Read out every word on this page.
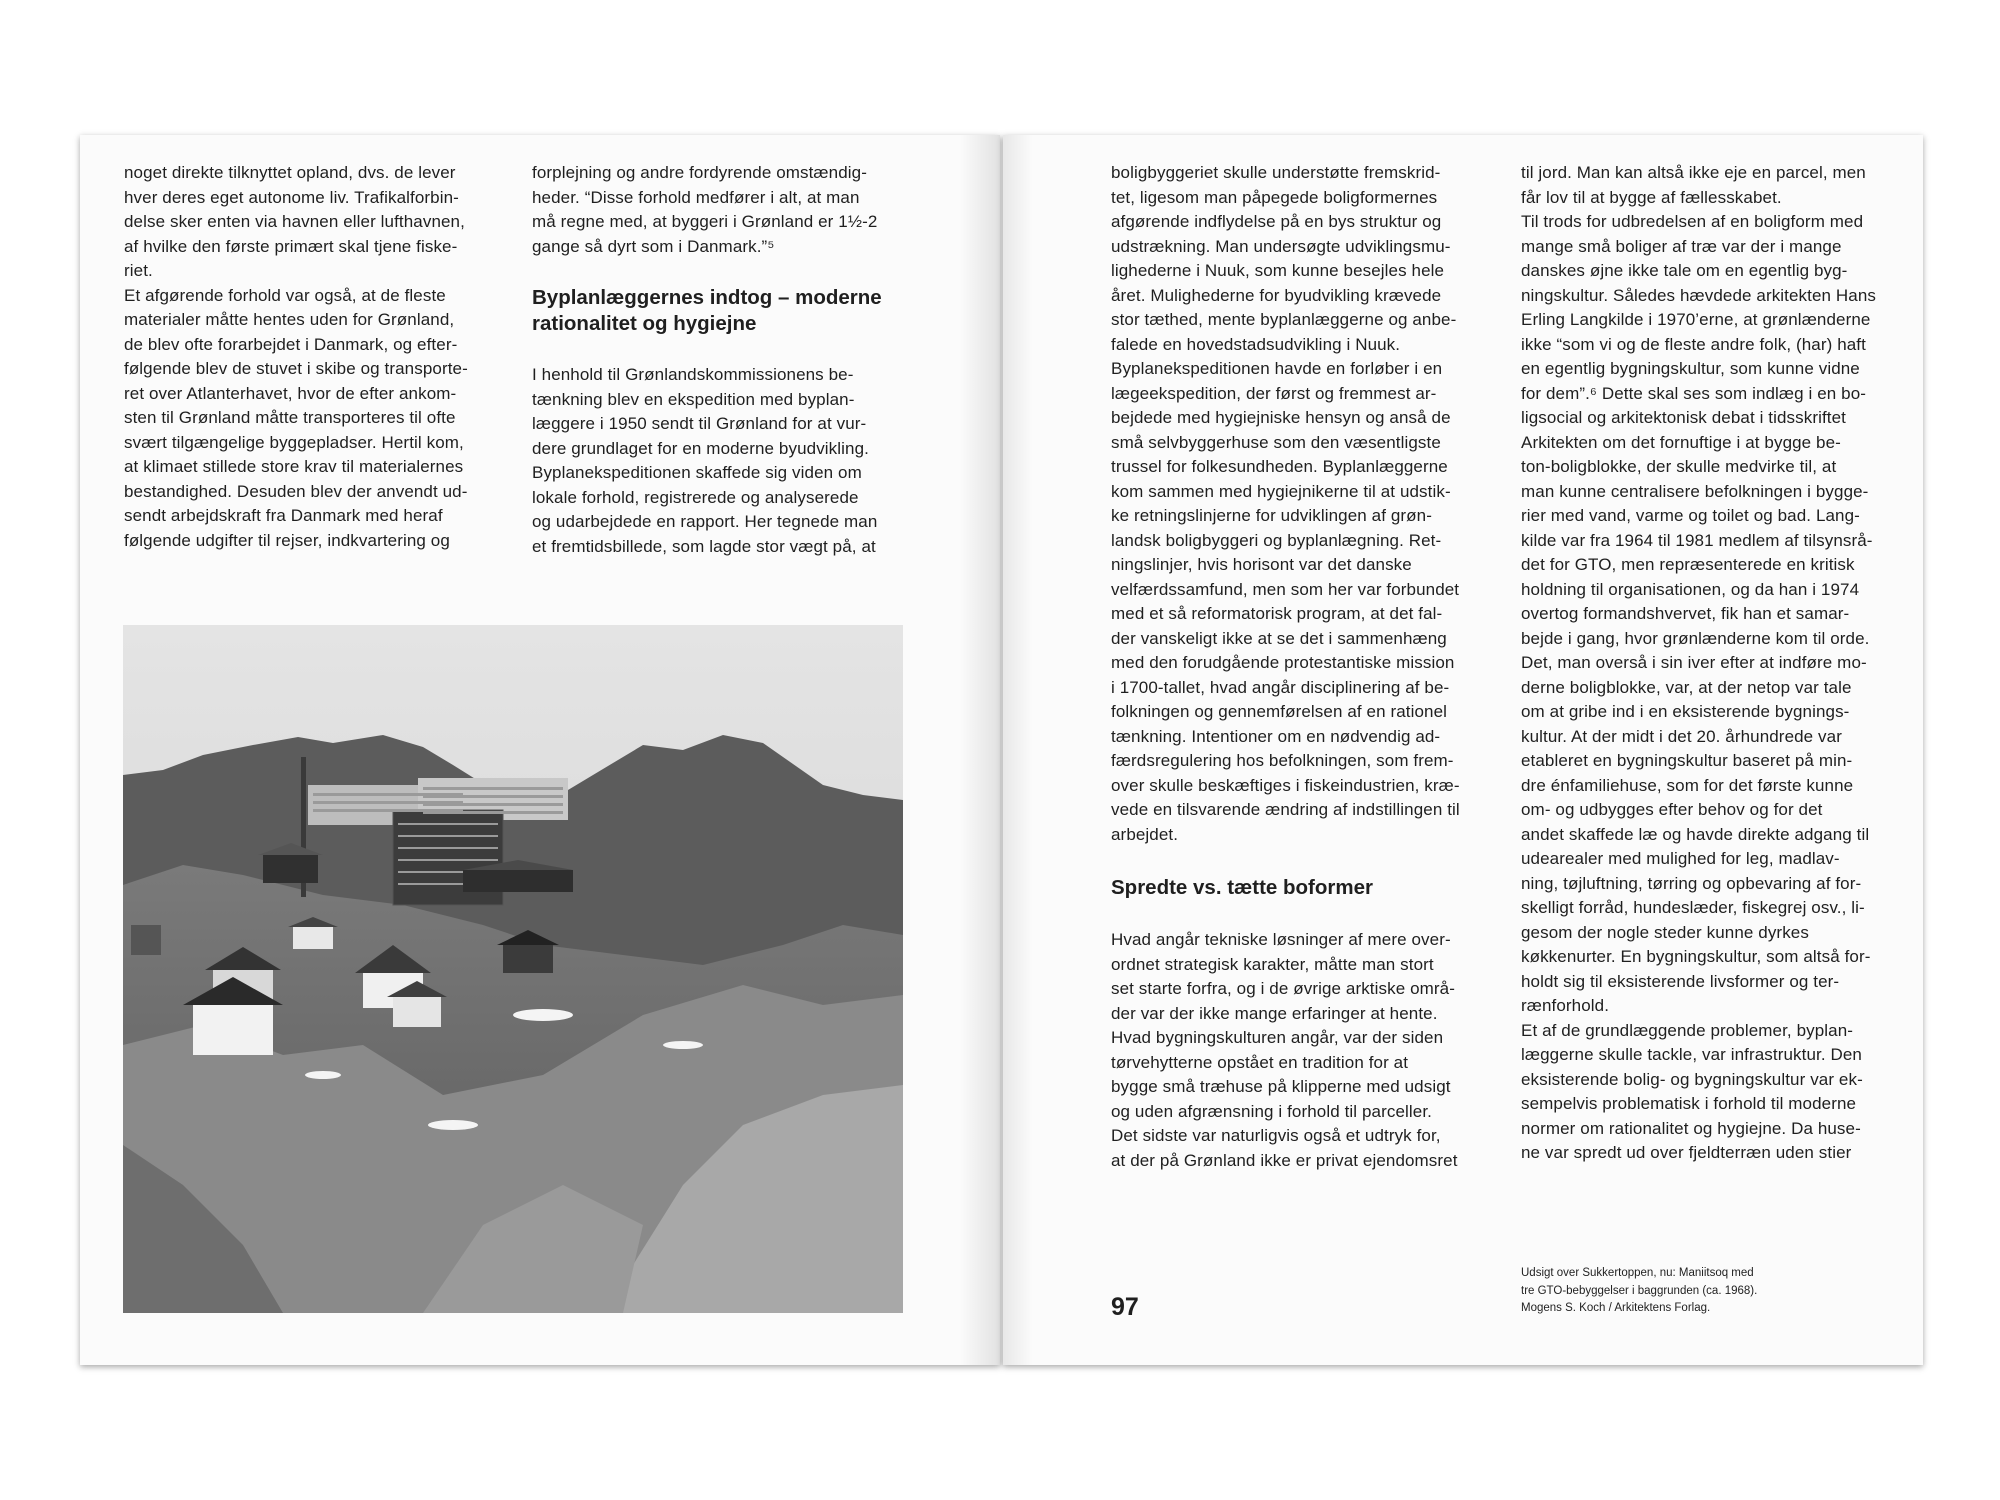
noget direkte tilknyttet opland, dvs. de lever
hver deres eget autonome liv. Trafikalforbin-
delse sker enten via havnen eller lufthavnen,
af hvilke den første primært skal tjene fiske-
riet.
Et afgørende forhold var også, at de fleste
materialer måtte hentes uden for Grønland,
de blev ofte forarbejdet i Danmark, og efter-
følgende blev de stuvet i skibe og transporte-
ret over Atlanterhavet, hvor de efter ankom-
sten til Grønland måtte transporteres til ofte
svært tilgængelige byggepladser. Hertil kom,
at klimaet stillede store krav til materialernes
bestandighed. Desuden blev der anvendt ud-
sendt arbejdskraft fra Danmark med heraf
følgende udgifter til rejser, indkvartering og

forplejning og andre fordyrende omstændig-
heder. “Disse forhold medfører i alt, at man
må regne med, at byggeri i Grønland er 1½-2
gange så dyrt som i Danmark.”⁵

Byplanlæggernes indtog – moderne
rationalitet og hygiejne

I henhold til Grønlandskommissionens be-
tænkning blev en ekspedition med byplan-
læggere i 1950 sendt til Grønland for at vur-
dere grundlaget for en moderne byudvikling.
Byplanekspeditionen skaffede sig viden om
lokale forhold, registrerede og analyserede
og udarbejdede en rapport. Her tegnede man
et fremtidsbillede, som lagde stor vægt på, at

boligbyggeriet skulle understøtte fremskrid-
tet, ligesom man påpegede boligformernes
afgørende indflydelse på en bys struktur og
udstrækning. Man undersøgte udviklingsmu-
lighederne i Nuuk, som kunne besejles hele
året. Mulighederne for byudvikling krævede
stor tæthed, mente byplanlæggerne og anbe-
falede en hovedstadsudvikling i Nuuk.
Byplanekspeditionen havde en forløber i en
lægeekspedition, der først og fremmest ar-
bejdede med hygiejniske hensyn og anså de
små selvbyggerhuse som den væsentligste
trussel for folkesundheden. Byplanlæggerne
kom sammen med hygiejnikerne til at udstik-
ke retningslinjerne for udviklingen af grøn-
landsk boligbyggeri og byplanlægning. Ret-
ningslinjer, hvis horisont var det danske
velfærdssamfund, men som her var forbundet
med et så reformatorisk program, at det fal-
der vanskeligt ikke at se det i sammenhæng
med den forudgående protestantiske mission
i 1700-tallet, hvad angår disciplinering af be-
folkningen og gennemførelsen af en rationel
tænkning. Intentioner om en nødvendig ad-
færdsregulering hos befolkningen, som frem-
over skulle beskæftiges i fiskeindustrien, kræ-
vede en tilsvarende ændring af indstillingen til
arbejdet.

Spredte vs. tætte boformer

Hvad angår tekniske løsninger af mere over-
ordnet strategisk karakter, måtte man stort
set starte forfra, og i de øvrige arktiske områ-
der var der ikke mange erfaringer at hente.
Hvad bygningskulturen angår, var der siden
tørvehytterne opstået en tradition for at
bygge små træhuse på klipperne med udsigt
og uden afgrænsning i forhold til parceller.
Det sidste var naturligvis også et udtryk for,
at der på Grønland ikke er privat ejendomsret

til jord. Man kan altså ikke eje en parcel, men
får lov til at bygge af fællesskabet.
Til trods for udbredelsen af en boligform med
mange små boliger af træ var der i mange
danskes øjne ikke tale om en egentlig byg-
ningskultur. Således hævdede arkitekten Hans
Erling Langkilde i 1970’erne, at grønlænderne
ikke “som vi og de fleste andre folk, (har) haft
en egentlig bygningskultur, som kunne vidne
for dem”.⁶ Dette skal ses som indlæg i en bo-
ligsocial og arkitektonisk debat i tidsskriftet
Arkitekten om det fornuftige i at bygge be-
ton-boligblokke, der skulle medvirke til, at
man kunne centralisere befolkningen i bygge-
rier med vand, varme og toilet og bad. Lang-
kilde var fra 1964 til 1981 medlem af tilsynsrå-
det for GTO, men repræsenterede en kritisk
holdning til organisationen, og da han i 1974
overtog formandshvervet, fik han et samar-
bejde i gang, hvor grønlænderne kom til orde.
Det, man overså i sin iver efter at indføre mo-
derne boligblokke, var, at der netop var tale
om at gribe ind i en eksisterende bygnings-
kultur. At der midt i det 20. århundrede var
etableret en bygningskultur baseret på min-
dre énfamiliehuse, som for det første kunne
om- og udbygges efter behov og for det
andet skaffede læ og havde direkte adgang til
udearealer med mulighed for leg, madlav-
ning, tøjluftning, tørring og opbevaring af for-
skelligt forråd, hundeslæder, fiskegrej osv., li-
gesom der nogle steder kunne dyrkes
køkkenurter. En bygningskultur, som altså for-
holdt sig til eksisterende livsformer og ter-
rænforhold.
Et af de grundlæggende problemer, byplan-
læggerne skulle tackle, var infrastruktur. Den
eksisterende bolig- og bygningskultur var ek-
sempelvis problematisk i forhold til moderne
normer om rationalitet og hygiejne. Da huse-
ne var spredt ud over fjeldterræn uden stier

97

Udsigt over Sukkertoppen, nu: Maniitsoq med
tre GTO-bebyggelser i baggrunden (ca. 1968).
Mogens S. Koch / Arkitektens Forlag.
